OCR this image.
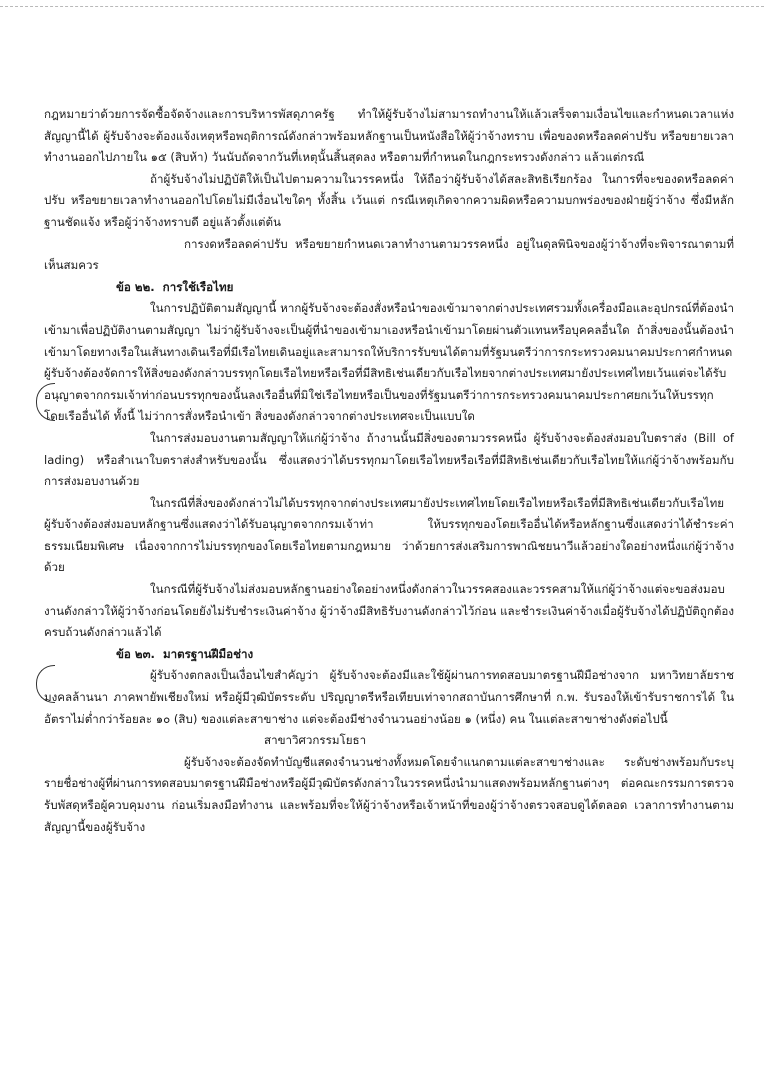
กฎหมายว่าด้วยการจัดซื้อจัดจ้างและการบริหารพัสดุภาครัฐ ทำให้ผู้รับจ้างไม่สามารถทำงานให้แล้วเสร็จตามเงื่อนไขและกำหนดเวลาแห่งสัญญานี้ได้ ผู้รับจ้างจะต้องแจ้งเหตุหรือพฤติการณ์ดังกล่าวพร้อมหลักฐานเป็นหนังสือให้ผู้ว่าจ้างทราบ เพื่อของดหรือลดค่าปรับ หรือขยายเวลาทำงานออกไปภายใน ๑๕ (สิบห้า) วันนับถัดจากวันที่เหตุนั้นสิ้นสุดลง หรือตามที่กำหนดในกฎกระทรวงดังกล่าว แล้วแต่กรณี

ถ้าผู้รับจ้างไม่ปฏิบัติให้เป็นไปตามความในวรรคหนึ่ง ให้ถือว่าผู้รับจ้างได้สละสิทธิเรียกร้อง ในการที่จะของดหรือลดค่าปรับ หรือขยายเวลาทำงานออกไปโดยไม่มีเงื่อนไขใดๆ ทั้งสิ้น เว้นแต่ กรณีเหตุเกิดจากความผิดหรือความบกพร่องของฝ่ายผู้ว่าจ้าง ซึ่งมีหลักฐานชัดแจ้ง หรือผู้ว่าจ้างทราบดี อยู่แล้วตั้งแต่ต้น

การงดหรือลดค่าปรับ หรือขยายกำหนดเวลาทำงานตามวรรคหนึ่ง อยู่ในดุลพินิจของผู้ว่าจ้างที่จะพิจารณาตามที่เห็นสมควร

ข้อ ๒๒. การใช้เรือไทย

ในการปฏิบัติตามสัญญานี้ หากผู้รับจ้างจะต้องสั่งหรือนำของเข้ามาจากต่างประเทศรวมทั้งเครื่องมือและอุปกรณ์ที่ต้องนำเข้ามาเพื่อปฏิบัติงานตามสัญญา ไม่ว่าผู้รับจ้างจะเป็นผู้ที่นำของเข้ามาเองหรือนำเข้ามาโดยผ่านตัวแทนหรือบุคคลอื่นใด ถ้าสิ่งของนั้นต้องนำเข้ามาโดยทางเรือในเส้นทางเดินเรือที่มีเรือไทยเดินอยู่และสามารถให้บริการรับขนได้ตามที่รัฐมนตรีว่าการกระทรวงคมนาคมประกาศกำหนด ผู้รับจ้างต้องจัดการให้สิ่งของดังกล่าวบรรทุกโดยเรือไทยหรือเรือที่มีสิทธิเช่นเดียวกับเรือไทยจากต่างประเทศมายังประเทศไทยเว้นแต่จะได้รับอนุญาตจากกรมเจ้าท่าก่อนบรรทุกของนั้นลงเรืออื่นที่มิใช่เรือไทยหรือเป็นของที่รัฐมนตรีว่าการกระทรวงคมนาคมประกาศยกเว้นให้บรรทุกโดยเรืออื่นได้ ทั้งนี้ ไม่ว่าการสั่งหรือนำเข้า สิ่งของดังกล่าวจากต่างประเทศจะเป็นแบบใด

ในการส่งมอบงานตามสัญญาให้แก่ผู้ว่าจ้าง ถ้างานนั้นมีสิ่งของตามวรรคหนึ่ง ผู้รับจ้างจะต้องส่งมอบใบตราส่ง (Bill of lading) หรือสำเนาใบตราส่งสำหรับของนั้น ซึ่งแสดงว่าได้บรรทุกมาโดยเรือไทยหรือเรือที่มีสิทธิเช่นเดียวกับเรือไทยให้แก่ผู้ว่าจ้างพร้อมกับการส่งมอบงานด้วย

ในกรณีที่สิ่งของดังกล่าวไม่ได้บรรทุกจากต่างประเทศมายังประเทศไทยโดยเรือไทยหรือเรือที่มีสิทธิเช่นเดียวกับเรือไทย ผู้รับจ้างต้องส่งมอบหลักฐานซึ่งแสดงว่าได้รับอนุญาตจากกรมเจ้าท่า ให้บรรทุกของโดยเรืออื่นได้หรือหลักฐานซึ่งแสดงว่าได้ชำระค่าธรรมเนียมพิเศษ เนื่องจากการไม่บรรทุกของโดยเรือไทยตามกฎหมาย ว่าด้วยการส่งเสริมการพาณิชยนาวีแล้วอย่างใดอย่างหนึ่งแก่ผู้ว่าจ้างด้วย

ในกรณีที่ผู้รับจ้างไม่ส่งมอบหลักฐานอย่างใดอย่างหนึ่งดังกล่าวในวรรคสองและวรรคสามให้แก่ผู้ว่าจ้างแต่จะขอส่งมอบงานดังกล่าวให้ผู้ว่าจ้างก่อนโดยยังไม่รับชำระเงินค่าจ้าง ผู้ว่าจ้างมีสิทธิรับงานดังกล่าวไว้ก่อน และชำระเงินค่าจ้างเมื่อผู้รับจ้างได้ปฏิบัติถูกต้องครบถ้วนดังกล่าวแล้วได้

ข้อ ๒๓. มาตรฐานฝีมือช่าง

ผู้รับจ้างตกลงเป็นเงื่อนไขสำคัญว่า ผู้รับจ้างจะต้องมีและใช้ผู้ผ่านการทดสอบมาตรฐานฝีมือช่างจาก มหาวิทยาลัยราชมงคลล้านนา ภาคพายัพเชียงใหม่ หรือผู้มีวุฒิบัตรระดับ ปริญญาตรีหรือเทียบเท่าจากสถาบันการศึกษาที่ ก.พ. รับรองให้เข้ารับราชการได้ ในอัตราไม่ต่ำกว่าร้อยละ ๑๐ (สิบ) ของแต่ละสาขาช่าง แต่จะต้องมีช่างจำนวนอย่างน้อย ๑ (หนึ่ง) คน ในแต่ละสาขาช่างดังต่อไปนี้

สาขาวิศวกรรมโยธา

ผู้รับจ้างจะต้องจัดทำบัญชีแสดงจำนวนช่างทั้งหมดโดยจำแนกตามแต่ละสาขาช่างและ ระดับช่างพร้อมกับระบุรายชื่อช่างผู้ที่ผ่านการทดสอบมาตรฐานฝีมือช่างหรือผู้มีวุฒิบัตรดังกล่าวในวรรคหนึ่งนำมาแสดงพร้อมหลักฐานต่างๆ ต่อคณะกรรมการตรวจรับพัสดุหรือผู้ควบคุมงาน ก่อนเริ่มลงมือทำงาน และพร้อมที่จะให้ผู้ว่าจ้างหรือเจ้าหน้าที่ของผู้ว่าจ้างตรวจสอบดูได้ตลอด เวลาการทำงานตามสัญญานี้ของผู้รับจ้าง
